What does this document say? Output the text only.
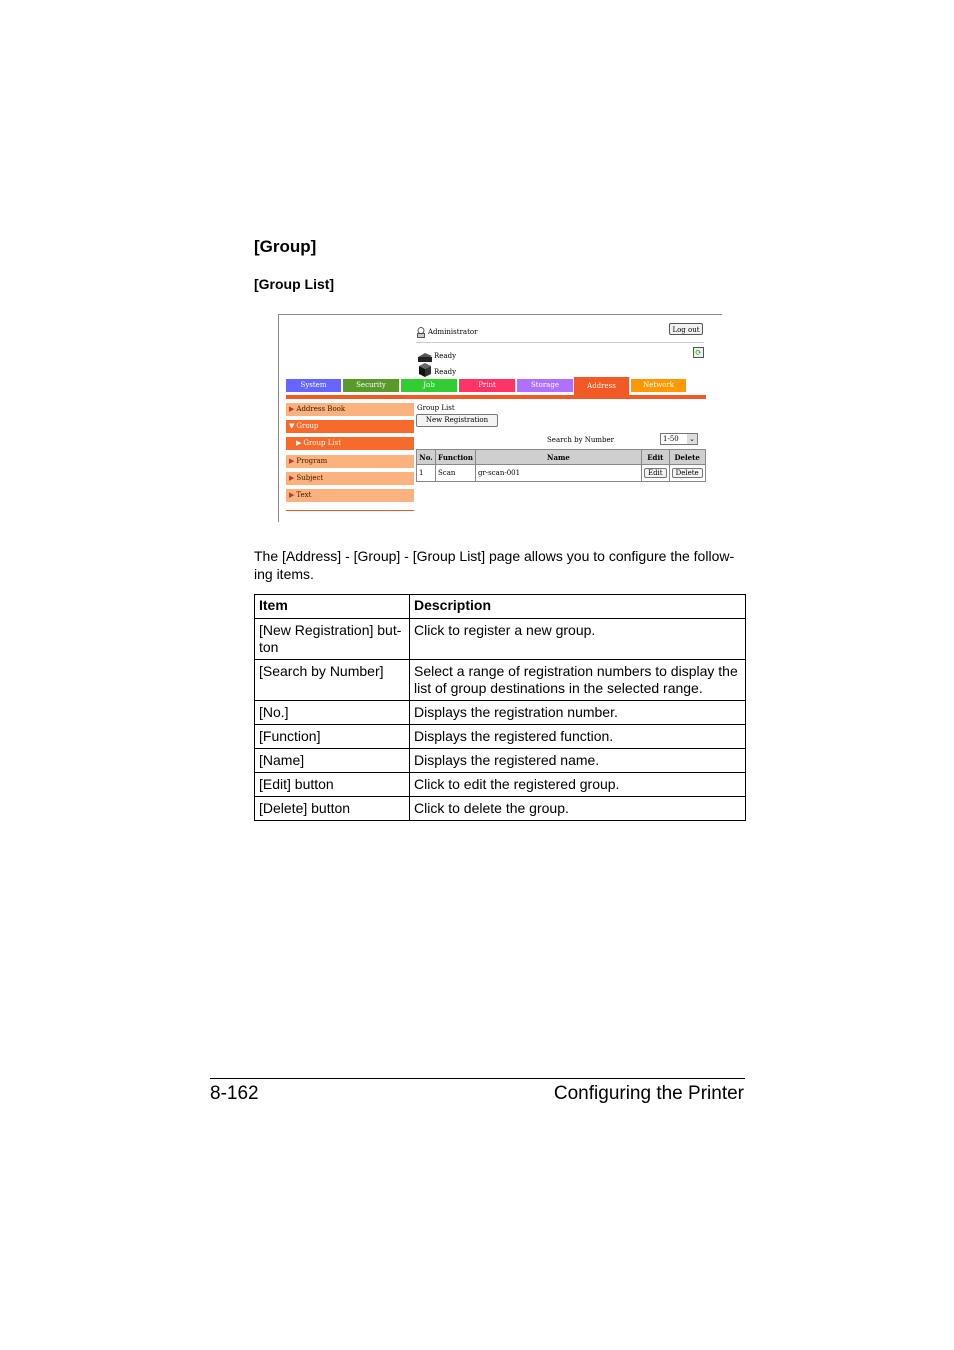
[Group]
[Group List]
Administrator	Log out
Ready
Ready
⟳
System	Security	Job	Print	Storage	Address	Network
▶ Address Book
▼ Group
▶ Group List
▶ Program
▶ Subject
▶ Text
Group List
New Registration
Search by Number	1-50 ⌄
No.	Function	Name	Edit	Delete
1	Scan	gr-scan-001	Edit	Delete
The [Address] - [Group] - [Group List] page allows you to configure the follow-ing items.
Item	Description
[New Registration] but-ton	Click to register a new group.
[Search by Number]	Select a range of registration numbers to display the list of group destinations in the selected range.
[No.]	Displays the registration number.
[Function]	Displays the registered function.
[Name]	Displays the registered name.
[Edit] button	Click to edit the registered group.
[Delete] button	Click to delete the group.
8-162	Configuring the Printer
